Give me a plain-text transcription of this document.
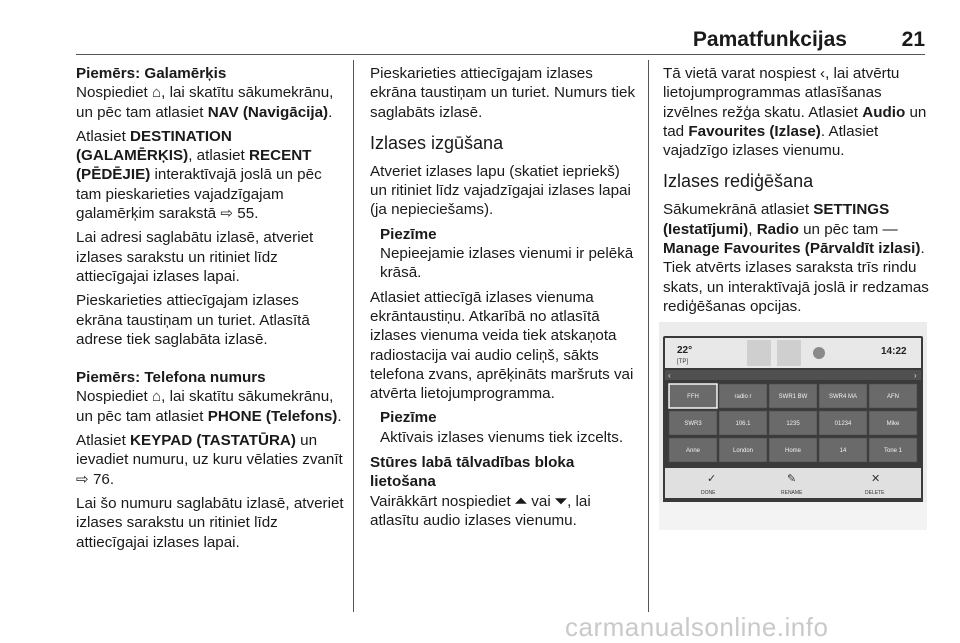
Pamatfunkcijas	21

Piemērs: Galamērķis

Nospiediet ⌂, lai skatītu sākumekrānu, un pēc tam atlasiet NAV (Navigācija).

Atlasiet DESTINATION (GALAMĒRĶIS), atlasiet RECENT (PĒDĒJIE) interaktīvajā joslā un pēc tam pieskarieties vajadzīgajam galamērķim sarakstā ⇨ 55.

Lai adresi saglabātu izlasē, atveriet izlases sarakstu un ritiniet līdz attiecīgajai izlases lapai.

Pieskarieties attiecīgajam izlases ekrāna taustiņam un turiet. Atlasītā adrese tiek saglabāta izlasē.

Piemērs: Telefona numurs

Nospiediet ⌂, lai skatītu sākumekrānu, un pēc tam atlasiet PHONE (Telefons).

Atlasiet KEYPAD (TASTATŪRA) un ievadiet numuru, uz kuru vēlaties zvanīt ⇨ 76.

Lai šo numuru saglabātu izlasē, atveriet izlases sarakstu un ritiniet līdz attiecīgajai izlases lapai.

Pieskarieties attiecīgajam izlases ekrāna taustiņam un turiet. Numurs tiek saglabāts izlasē.

Izlases izgūšana

Atveriet izlases lapu (skatiet iepriekš) un ritiniet līdz vajadzīgajai izlases lapai (ja nepieciešams).

Piezīme

Nepieejamie izlases vienumi ir pelēkā krāsā.

Atlasiet attiecīgā izlases vienuma ekrāntaustiņu. Atkarībā no atlasītā izlases vienuma veida tiek atskaņota radiostacija vai audio celiņš, sākts telefona zvans, aprēķināts maršruts vai atvērta lietojumprogramma.

Piezīme

Aktīvais izlases vienums tiek izcelts.

Stūres labā tālvadības bloka lietošana

Vairākkārt nospiediet ⏶ vai ⏷, lai atlasītu audio izlases vienumu.

Tā vietā varat nospiest ‹, lai atvērtu lietojumprogrammas atlasīšanas izvēlnes režģa skatu. Atlasiet Audio un tad Favourites (Izlase). Atlasiet vajadzīgo izlases vienumu.

Izlases rediģēšana

Sākumekrānā atlasiet SETTINGS (Iestatījumi), Radio un pēc tam — Manage Favourites (Pārvaldīt izlasi). Tiek atvērts izlases saraksta trīs rindu skats, un interaktīvajā joslā ir redzamas rediģēšanas opcijas.

22°
[TP]
14:22
‹	›
FFH	radio r	SWR1 BW	SWR4 MA	AFN
SWR3	106.1	1235	01234	Mike
Anne	London	Home	14	Tone 1
✓
DONE
✎
RENAME
✕
DELETE
carmanualsonline.info
